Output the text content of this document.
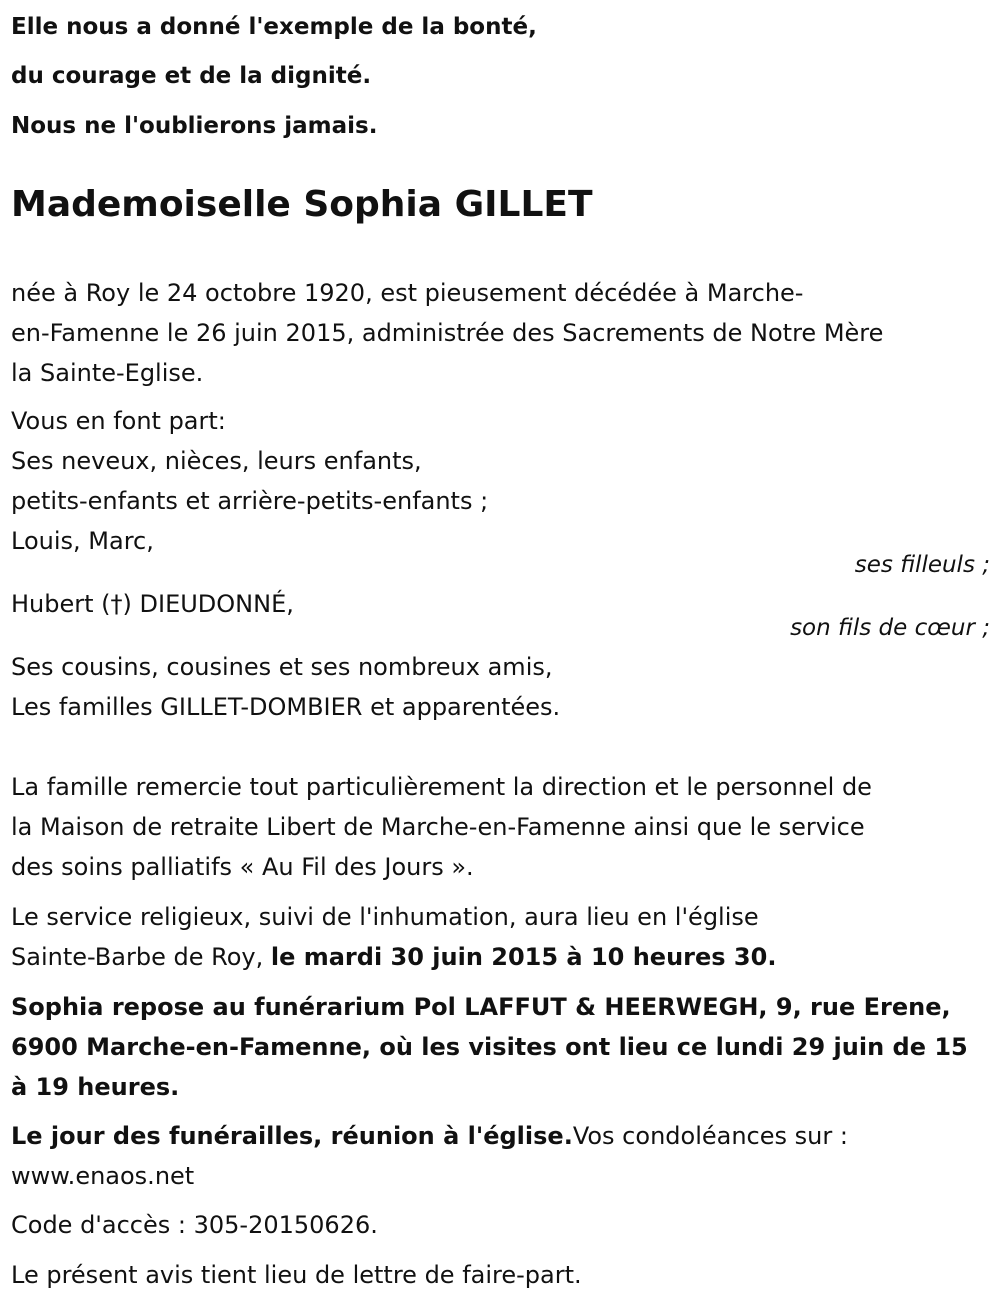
Elle nous a donné l'exemple de la bonté,
du courage et de la dignité.
Nous ne l'oublierons jamais.
Mademoiselle Sophia GILLET
née à Roy le 24 octobre 1920, est pieusement décédée à Marche-
en-Famenne le 26 juin 2015, administrée des Sacrements de Notre Mère
la Sainte-Eglise.
Vous en font part:
Ses neveux, nièces, leurs enfants,
petits-enfants et arrière-petits-enfants ;
Louis, Marc,
ses filleuls ;
Hubert (†) DIEUDONNÉ,
son fils de cœur ;
Ses cousins, cousines et ses nombreux amis,
Les familles GILLET-DOMBIER et apparentées.
La famille remercie tout particulièrement la direction et le personnel de
la Maison de retraite Libert de Marche-en-Famenne ainsi que le service
des soins palliatifs « Au Fil des Jours ».
Le service religieux, suivi de l'inhumation, aura lieu en l'église
Sainte-Barbe de Roy, le mardi 30 juin 2015 à 10 heures 30.
Sophia repose au funérarium Pol LAFFUT & HEERWEGH, 9, rue Erene,
6900 Marche-en-Famenne, où les visites ont lieu ce lundi 29 juin de 15
à 19 heures.
Le jour des funérailles, réunion à l'église.Vos condoléances sur :
www.enaos.net
Code d'accès : 305-20150626.
Le présent avis tient lieu de lettre de faire-part.
